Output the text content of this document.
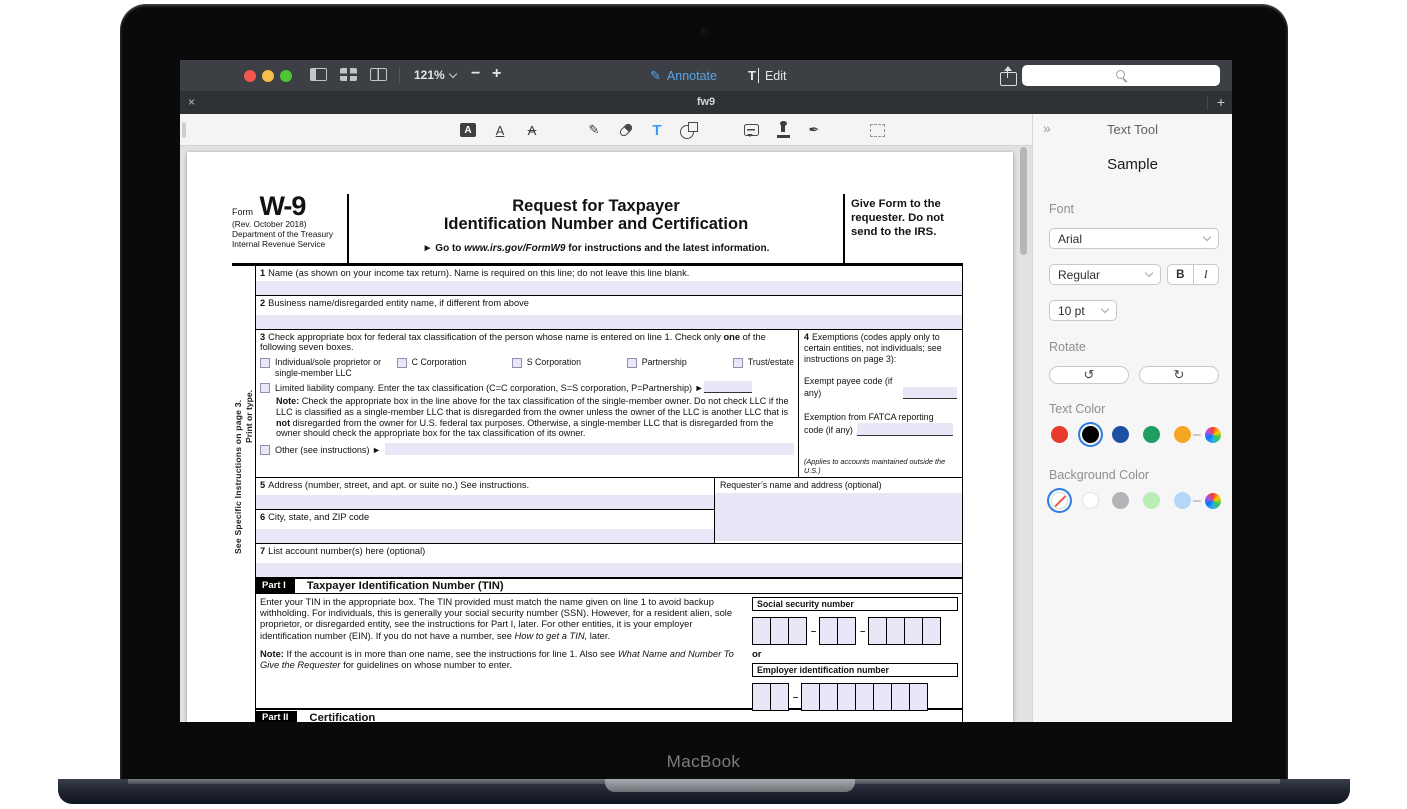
121%	− +	✎ Annotate T Edit
×	fw9	+
A	A	A	✎	T	✒
Form W-9
(Rev. October 2018)
Department of the Treasury
Internal Revenue Service
Request for Taxpayer
Identification Number and Certification
► Go to www.irs.gov/FormW9 for instructions and the latest information.
Give Form to the requester. Do not send to the IRS.
Print or type.
See Specific Instructions on page 3.
1 Name (as shown on your income tax return). Name is required on this line; do not leave this line blank.
2 Business name/disregarded entity name, if different from above
3 Check appropriate box for federal tax classification of the person whose name is entered on line 1. Check only one of the following seven boxes.
Individual/sole proprietor or single-member LLC
C Corporation	S Corporation	Partnership	Trust/estate
Limited liability company. Enter the tax classification (C=C corporation, S=S corporation, P=Partnership) ►
Note: Check the appropriate box in the line above for the tax classification of the single-member owner. Do not check LLC if the LLC is classified as a single-member LLC that is disregarded from the owner unless the owner of the LLC is another LLC that is not disregarded from the owner for U.S. federal tax purposes. Otherwise, a single-member LLC that is disregarded from the owner should check the appropriate box for the tax classification of its owner.
Other (see instructions) ►
4 Exemptions (codes apply only to certain entities, not individuals; see instructions on page 3):
Exempt payee code (if any)
Exemption from FATCA reporting
code (if any)
(Applies to accounts maintained outside the U.S.)
5 Address (number, street, and apt. or suite no.) See instructions.
6 City, state, and ZIP code
Requester’s name and address (optional)
7 List account number(s) here (optional)
Part I	Taxpayer Identification Number (TIN)
Enter your TIN in the appropriate box. The TIN provided must match the name given on line 1 to avoid backup withholding. For individuals, this is generally your social security number (SSN). However, for a resident alien, sole proprietor, or disregarded entity, see the instructions for Part I, later. For other entities, it is your employer identification number (EIN). If you do not have a number, see How to get a TIN, later.
Note: If the account is in more than one name, see the instructions for line 1. Also see What Name and Number To Give the Requester for guidelines on whose number to enter.
Social security number
–	–
or
Employer identification number
–
Part II	Certification
»	Text Tool
Sample
Font
Arial
Regular	B	I
10 pt
Rotate
↺	↻
Text Color
Background Color
MacBook
